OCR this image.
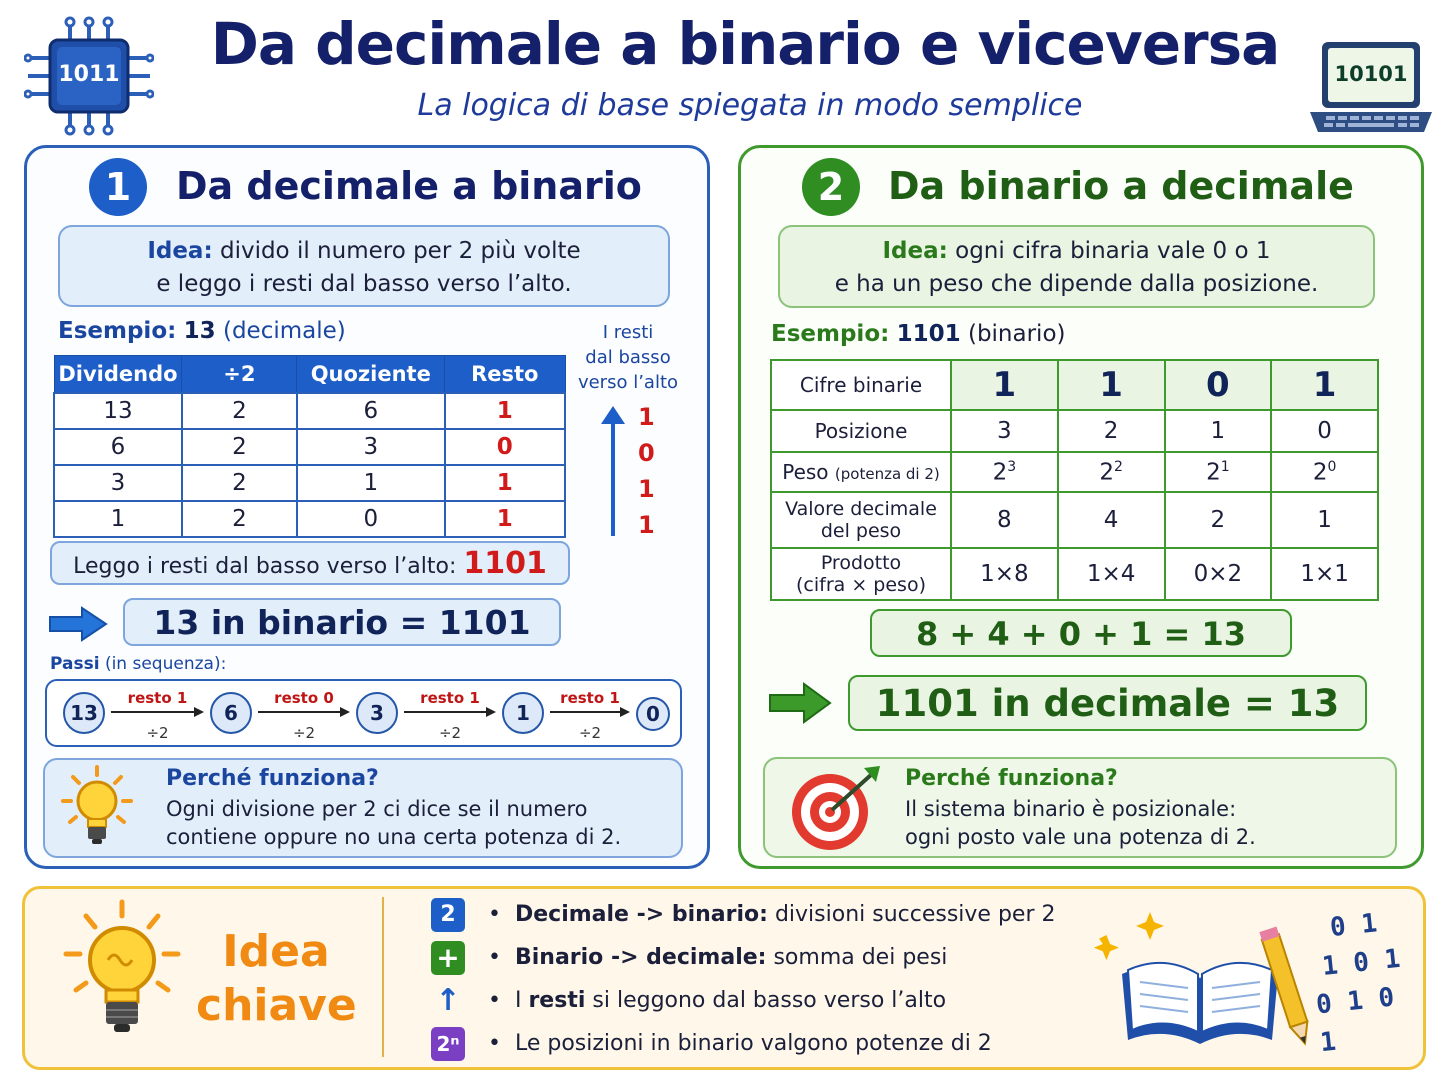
1011 Da decimale a binario e viceversa
La logica di base spiegata in modo semplice
10101
1	Da decimale a binario
Idea: divido il numero per 2 più volte
e leggo i resti dal basso verso l’alto.
Esempio: 13 (decimale)
Dividendo	÷2	Quoziente	Resto
13	2	6	1
6	2	3	0
3	2	1	1
1	2	0	1
I resti
dal basso
verso l’alto
1
0
1
1
Leggo i resti dal basso verso l’alto: 1101
13 in binario = 1101
Passi (in sequenza):
13	6	3	1	0
resto 1
÷2
resto 0
÷2
resto 1
÷2
resto 1
÷2
Perché funziona?
Ogni divisione per 2 ci dice se il numero
contiene oppure no una certa potenza di 2.
2	Da binario a decimale
Idea: ogni cifra binaria vale 0 o 1
e ha un peso che dipende dalla posizione.
Esempio: 1101 (binario)
Cifre binarie	1	1	0	1
Posizione	3	2	1	0
Peso (potenza di 2)	$2^3$	$2^2$	$2^1$	$2^0$

Valore decimale
del peso	8	4	2	1

Prodotto
(cifra × peso)	1×8	1×4	0×2	1×1
8 + 4 + 0 + 1 = 13
1101 in decimale = 13
Perché funziona?
Il sistema binario è posizionale:
ogni posto vale una potenza di 2.
Idea
chiave
2
+
↑
2ⁿ
•  Decimale -> binario: divisioni successive per 2
•  Binario -> decimale: somma dei pesi
•  I resti si leggono dal basso verso l’alto
•  Le posizioni in binario valgono potenze di 2
0 1
1 0 1
0 1 0 1
